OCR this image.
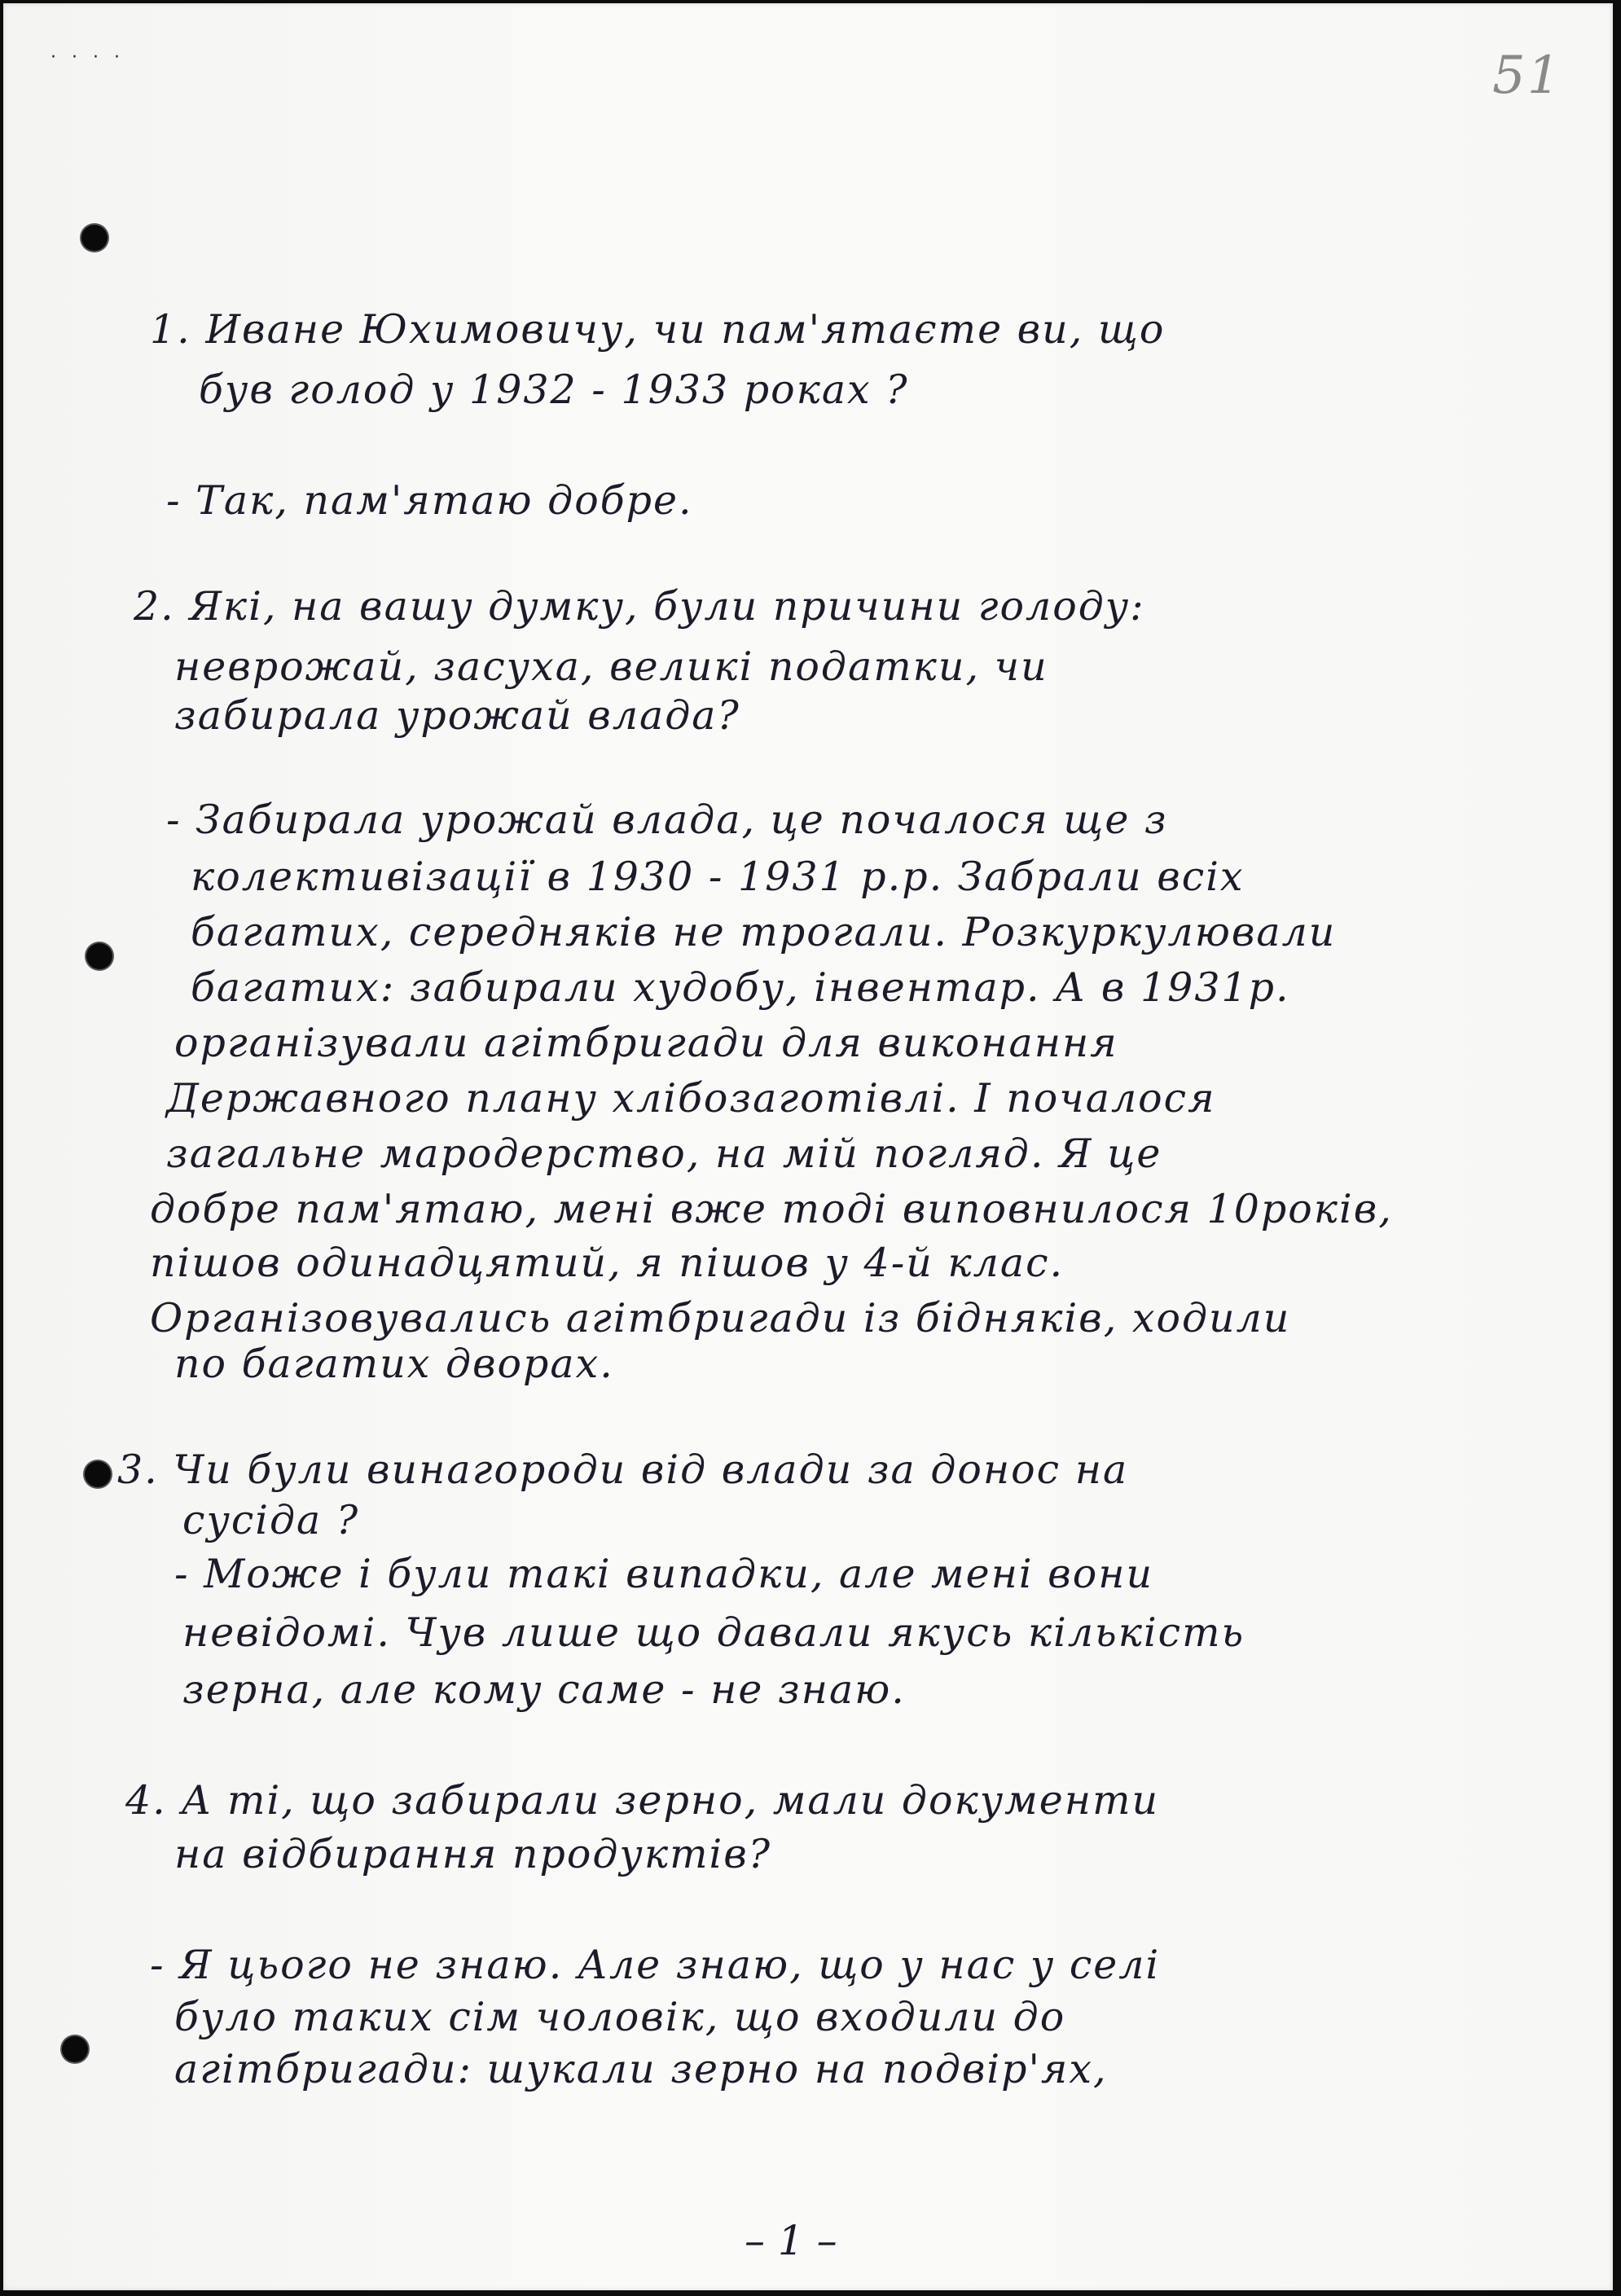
· · · ·	51

1. Иване Юхимовичу, чи пам'ятаєте ви, що

був голод у 1932 - 1933 роках ?

- Так, пам'ятаю добре.

2. Які, на вашу думку, були причини голоду:

неврожай, засуха, великі податки, чи

забирала урожай влада?

- Забирала урожай влада, це почалося ще з

колективізації в 1930 - 1931 р.р. Забрали всіх

багатих, середняків не трогали. Розкуркулювали

багатих: забирали худобу, інвентар. А в 1931р.

організували агітбригади для виконання

Державного плану хлібозаготівлі. І почалося

загальне мародерство, на мій погляд. Я це

добре пам'ятаю, мені вже тоді виповнилося 10років,

пішов одинадцятий, я пішов у 4-й клас.

Організовувались агітбригади із бідняків, ходили

по багатих дворах.

3. Чи були винагороди від влади за донос на

сусіда ?

- Може і були такі випадки, але мені вони

невідомі. Чув лише що давали якусь кількість

зерна, але кому саме - не знаю.

4. А ті, що забирали зерно, мали документи

на відбирання продуктів?

- Я цього не знаю. Але знаю, що у нас у селі

було таких сім чоловік, що входили до

агітбригади: шукали зерно на подвір'ях,

– 1 –
